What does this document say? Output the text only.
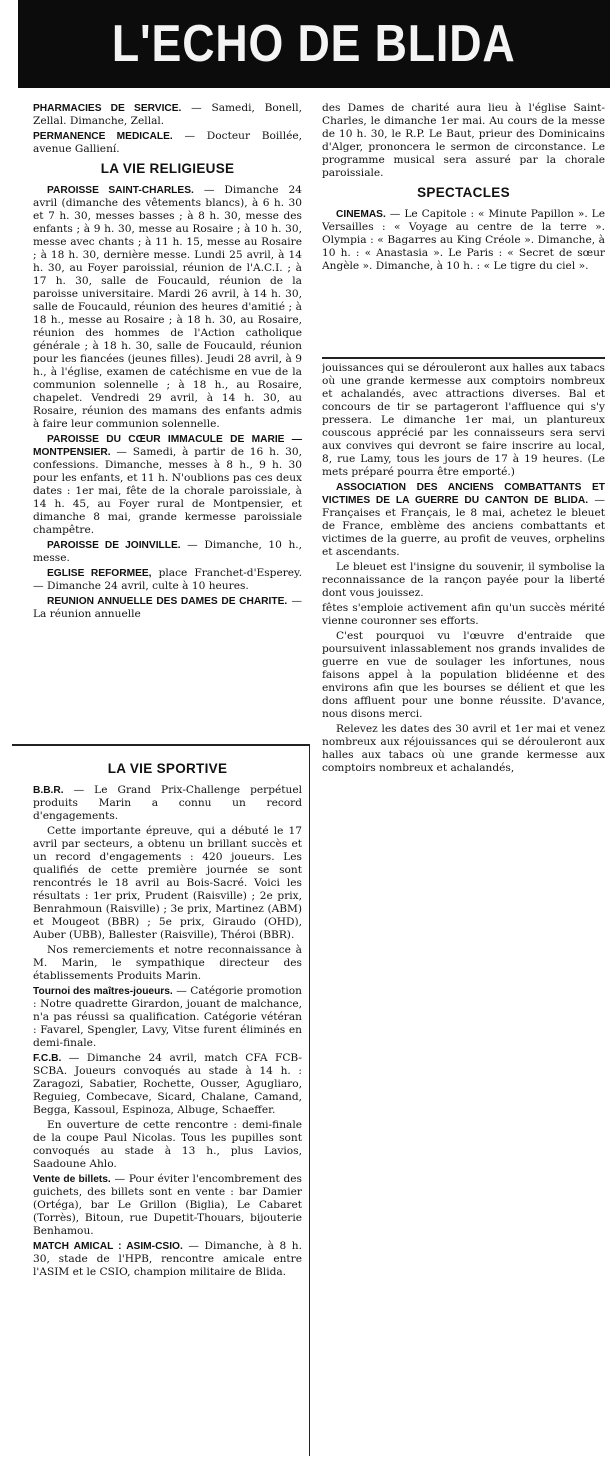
L'ECHO DE BLIDA

PHARMACIES DE SERVICE. — Samedi, Bonell, Zellal. Dimanche, Zellal.

PERMANENCE MEDICALE. — Docteur Boillée, avenue Galliení.

LA VIE RELIGIEUSE

PAROISSE SAINT-CHARLES. — Dimanche 24 avril (dimanche des vêtements blancs), à 6 h. 30 et 7 h. 30, messes basses ; à 8 h. 30, messe des enfants ; à 9 h. 30, messe au Rosaire ; à 10 h. 30, messe avec chants ; à 11 h. 15, messe au Rosaire ; à 18 h. 30, dernière messe. Lundi 25 avril, à 14 h. 30, au Foyer paroissial, réunion de l'A.C.I. ; à 17 h. 30, salle de Foucauld, réunion de la paroisse universitaire. Mardi 26 avril, à 14 h. 30, salle de Foucauld, réunion des heures d'amitié ; à 18 h., messe au Rosaire ; à 18 h. 30, au Rosaire, réunion des hommes de l'Action catholique générale ; à 18 h. 30, salle de Foucauld, réunion pour les fiancées (jeunes filles). Jeudi 28 avril, à 9 h., à l'église, examen de catéchisme en vue de la communion solennelle ; à 18 h., au Rosaire, chapelet. Vendredi 29 avril, à 14 h. 30, au Rosaire, réunion des mamans des enfants admis à faire leur communion solennelle.

PAROISSE DU CŒUR IMMACULE DE MARIE — MONTPENSIER. — Samedi, à partir de 16 h. 30, confessions. Dimanche, messes à 8 h., 9 h. 30 pour les enfants, et 11 h. N'oublions pas ces deux dates : 1er mai, fête de la chorale paroissiale, à 14 h. 45, au Foyer rural de Montpensier, et dimanche 8 mai, grande kermesse paroissiale champêtre.

PAROISSE DE JOINVILLE. — Dimanche, 10 h., messe.

EGLISE REFORMEE, place Franchet-d'Esperey. — Dimanche 24 avril, culte à 10 heures.

REUNION ANNUELLE DES DAMES DE CHARITE. — La réunion annuelle

des Dames de charité aura lieu à l'église Saint-Charles, le dimanche 1er mai. Au cours de la messe de 10 h. 30, le R.P. Le Baut, prieur des Dominicains d'Alger, prononcera le sermon de circonstance. Le programme musical sera assuré par la chorale paroissiale.

SPECTACLES

CINEMAS. — Le Capitole : « Minute Papillon ». Le Versailles : « Voyage au centre de la terre ». Olympia : « Bagarres au King Créole ». Dimanche, à 10 h. : « Anastasia ». Le Paris : « Secret de sœur Angèle ». Dimanche, à 10 h. : « Le tigre du ciel ».

jouissances qui se dérouleront aux halles aux tabacs où une grande kermesse aux comptoirs nombreux et achalandés, avec attractions diverses. Bal et concours de tir se partageront l'affluence qui s'y pressera. Le dimanche 1er mai, un plantureux couscous apprécié par les connaisseurs sera servi aux convives qui devront se faire inscrire au local, 8, rue Lamy, tous les jours de 17 à 19 heures. (Le mets préparé pourra être emporté.)

ASSOCIATION DES ANCIENS COMBATTANTS ET VICTIMES DE LA GUERRE DU CANTON DE BLIDA. — Françaises et Français, le 8 mai, achetez le bleuet de France, emblème des anciens combattants et victimes de la guerre, au profit de veuves, orphelins et ascendants.

Le bleuet est l'insigne du souvenir, il symbolise la reconnaissance de la rançon payée pour la liberté dont vous jouissez.

fêtes s'emploie activement afin qu'un succès mérité vienne couronner ses efforts.

C'est pourquoi vu l'œuvre d'entraide que poursuivent inlassablement nos grands invalides de guerre en vue de soulager les infortunes, nous faisons appel à la population blidéenne et des environs afin que les bourses se délient et que les dons affluent pour une bonne réussite. D'avance, nous disons merci.

Relevez les dates des 30 avril et 1er mai et venez nombreux aux réjouissances qui se dérouleront aux halles aux tabacs où une grande kermesse aux comptoirs nombreux et achalandés,

LA VIE SPORTIVE

B.B.R. — Le Grand Prix-Challenge perpétuel produits Marin a connu un record d'engagements.

Cette importante épreuve, qui a débuté le 17 avril par secteurs, a obtenu un brillant succès et un record d'engagements : 420 joueurs. Les qualifiés de cette première journée se sont rencontrés le 18 avril au Bois-Sacré. Voici les résultats : 1er prix, Prudent (Raisville) ; 2e prix, Benrahmoun (Raisville) ; 3e prix, Martinez (ABM) et Mougeot (BBR) ; 5e prix, Giraudo (OHD), Auber (UBB), Ballester (Raisville), Théroi (BBR).

Nos remerciements et notre reconnaissance à M. Marin, le sympathique directeur des établissements Produits Marin.

Tournoi des maîtres-joueurs. — Catégorie promotion : Notre quadrette Girardon, jouant de malchance, n'a pas réussi sa qualification. Catégorie vétéran : Favarel, Spengler, Lavy, Vitse furent éliminés en demi-finale.

F.C.B. — Dimanche 24 avril, match CFA FCB-SCBA. Joueurs convoqués au stade à 14 h. : Zaragozi, Sabatier, Rochette, Ousser, Agugliaro, Reguieg, Combecave, Sicard, Chalane, Camand, Begga, Kassoul, Espinoza, Albuge, Schaeffer.

En ouverture de cette rencontre : demi-finale de la coupe Paul Nicolas. Tous les pupilles sont convoqués au stade à 13 h., plus Lavios, Saadoune Ahlo.

Vente de billets. — Pour éviter l'encombrement des guichets, des billets sont en vente : bar Damier (Ortéga), bar Le Grillon (Biglia), Le Cabaret (Torrès), Bitoun, rue Dupetit-Thouars, bijouterie Benhamou.

MATCH AMICAL : ASIM-CSIO. — Dimanche, à 8 h. 30, stade de l'HPB, rencontre amicale entre l'ASIM et le CSIO, champion militaire de Blida.
